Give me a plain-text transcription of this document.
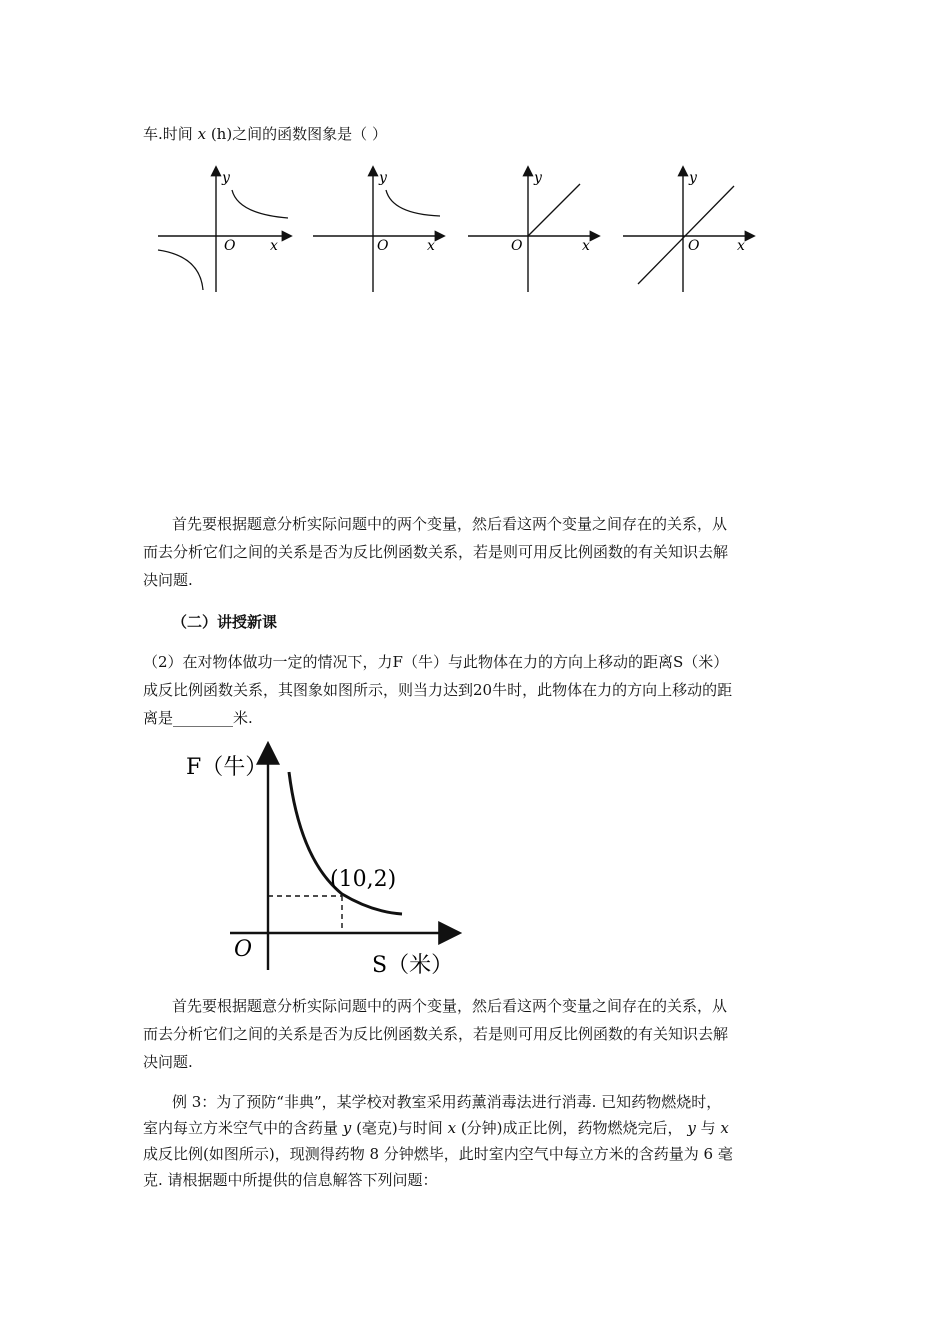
车.时间 x (h)之间的函数图象是（ ）
y
x
O
y
x
O
y
x
O
y
x
O
首先要根据题意分析实际问题中的两个变量，然后看这两个变量之间存在的关系，从
而去分析它们之间的关系是否为反比例函数关系，若是则可用反比例函数的有关知识去解
决问题.
（二）讲授新课
（2）在对物体做功一定的情况下，力F（牛）与此物体在力的方向上移动的距离S（米）
成反比例函数关系，其图象如图所示，则当力达到20牛时，此物体在力的方向上移动的距
离是________米.
F（牛）
S（米）
O
(10,2)
首先要根据题意分析实际问题中的两个变量，然后看这两个变量之间存在的关系，从
而去分析它们之间的关系是否为反比例函数关系，若是则可用反比例函数的有关知识去解
决问题.
例 3：为了预防“非典”，某学校对教室采用药薰消毒法进行消毒. 已知药物燃烧时，
室内每立方米空气中的含药量 y (毫克)与时间 x (分钟)成正比例，药物燃烧完后， y 与 x
成反比例(如图所示)，现测得药物 8 分钟燃毕，此时室内空气中每立方米的含药量为 6 毫
克. 请根据题中所提供的信息解答下列问题：
